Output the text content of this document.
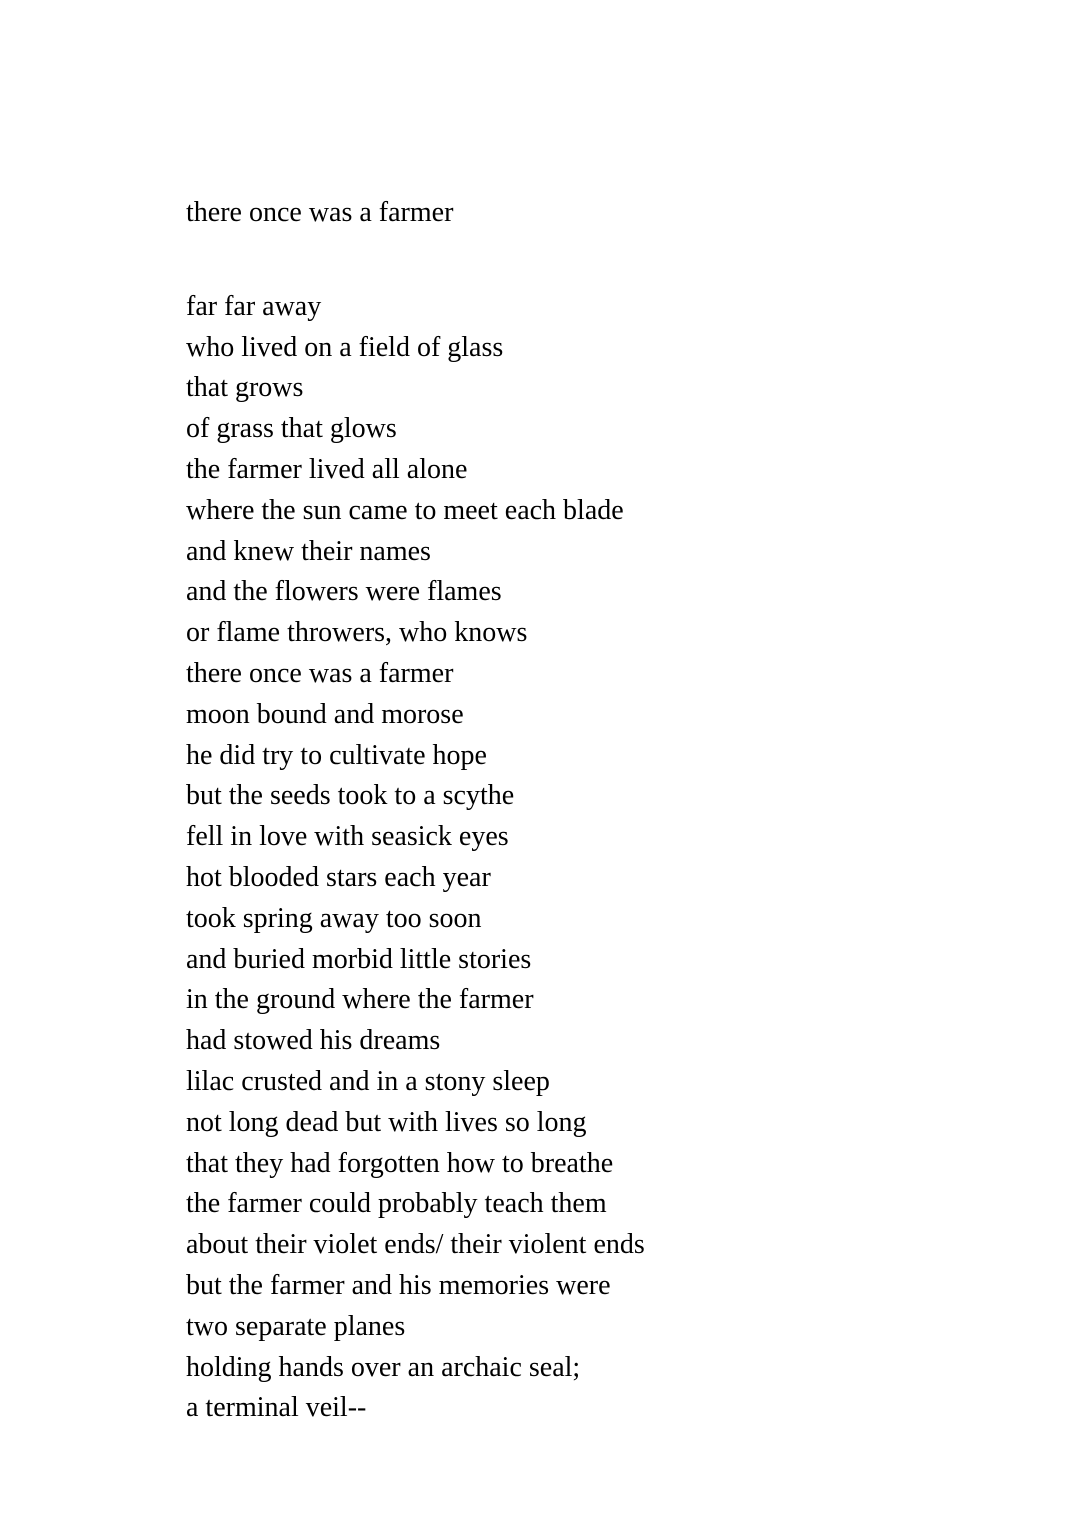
there once was a farmer
far far away
who lived on a field of glass
that grows
of grass that glows
the farmer lived all alone
where the sun came to meet each blade
and knew their names
and the flowers were flames
or flame throwers, who knows
there once was a farmer
moon bound and morose
he did try to cultivate hope
but the seeds took to a scythe
fell in love with seasick eyes
hot blooded stars each year
took spring away too soon
and buried morbid little stories
in the ground where the farmer
had stowed his dreams
lilac crusted and in a stony sleep
not long dead but with lives so long
that they had forgotten how to breathe
the farmer could probably teach them
about their violet ends/ their violent ends
but the farmer and his memories were
two separate planes
holding hands over an archaic seal;
a terminal veil--
